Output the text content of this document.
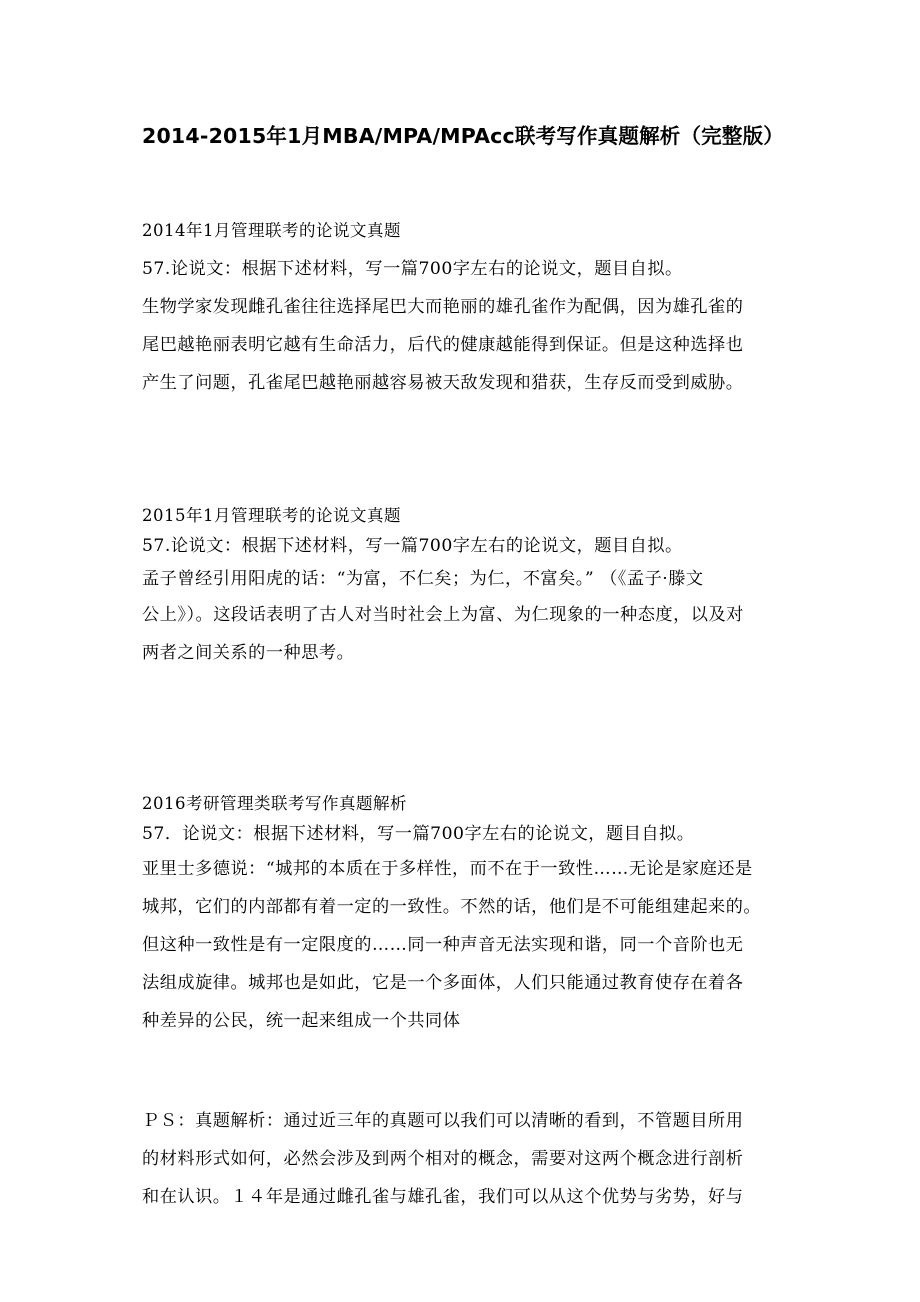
2014-2015年1月MBA/MPA/MPAcc联考写作真题解析（完整版）
2014年1月管理联考的论说文真题
57.论说文：根据下述材料，写一篇700字左右的论说文，题目自拟。
生物学家发现雌孔雀往往选择尾巴大而艳丽的雄孔雀作为配偶，因为雄孔雀的
尾巴越艳丽表明它越有生命活力，后代的健康越能得到保证。但是这种选择也
产生了问题，孔雀尾巴越艳丽越容易被天敌发现和猎获，生存反而受到威胁。
2015年1月管理联考的论说文真题
57.论说文：根据下述材料，写一篇700字左右的论说文，题目自拟。
孟子曾经引用阳虎的话：“为富，不仁矣；为仁，不富矣。” （《孟子·滕文
公上》）。这段话表明了古人对当时社会上为富、为仁现象的一种态度，以及对
两者之间关系的一种思考。
2016考研管理类联考写作真题解析
57．论说文：根据下述材料，写一篇700字左右的论说文，题目自拟。
亚里士多德说：“城邦的本质在于多样性，而不在于一致性……无论是家庭还是
城邦，它们的内部都有着一定的一致性。不然的话，他们是不可能组建起来的。
但这种一致性是有一定限度的……同一种声音无法实现和谐，同一个音阶也无
法组成旋律。城邦也是如此，它是一个多面体，人们只能通过教育使存在着各
种差异的公民，统一起来组成一个共同体
ＰＳ：真题解析：通过近三年的真题可以我们可以清晰的看到，不管题目所用
的材料形式如何，必然会涉及到两个相对的概念，需要对这两个概念进行剖析
和在认识。１４年是通过雌孔雀与雄孔雀，我们可以从这个优势与劣势，好与
